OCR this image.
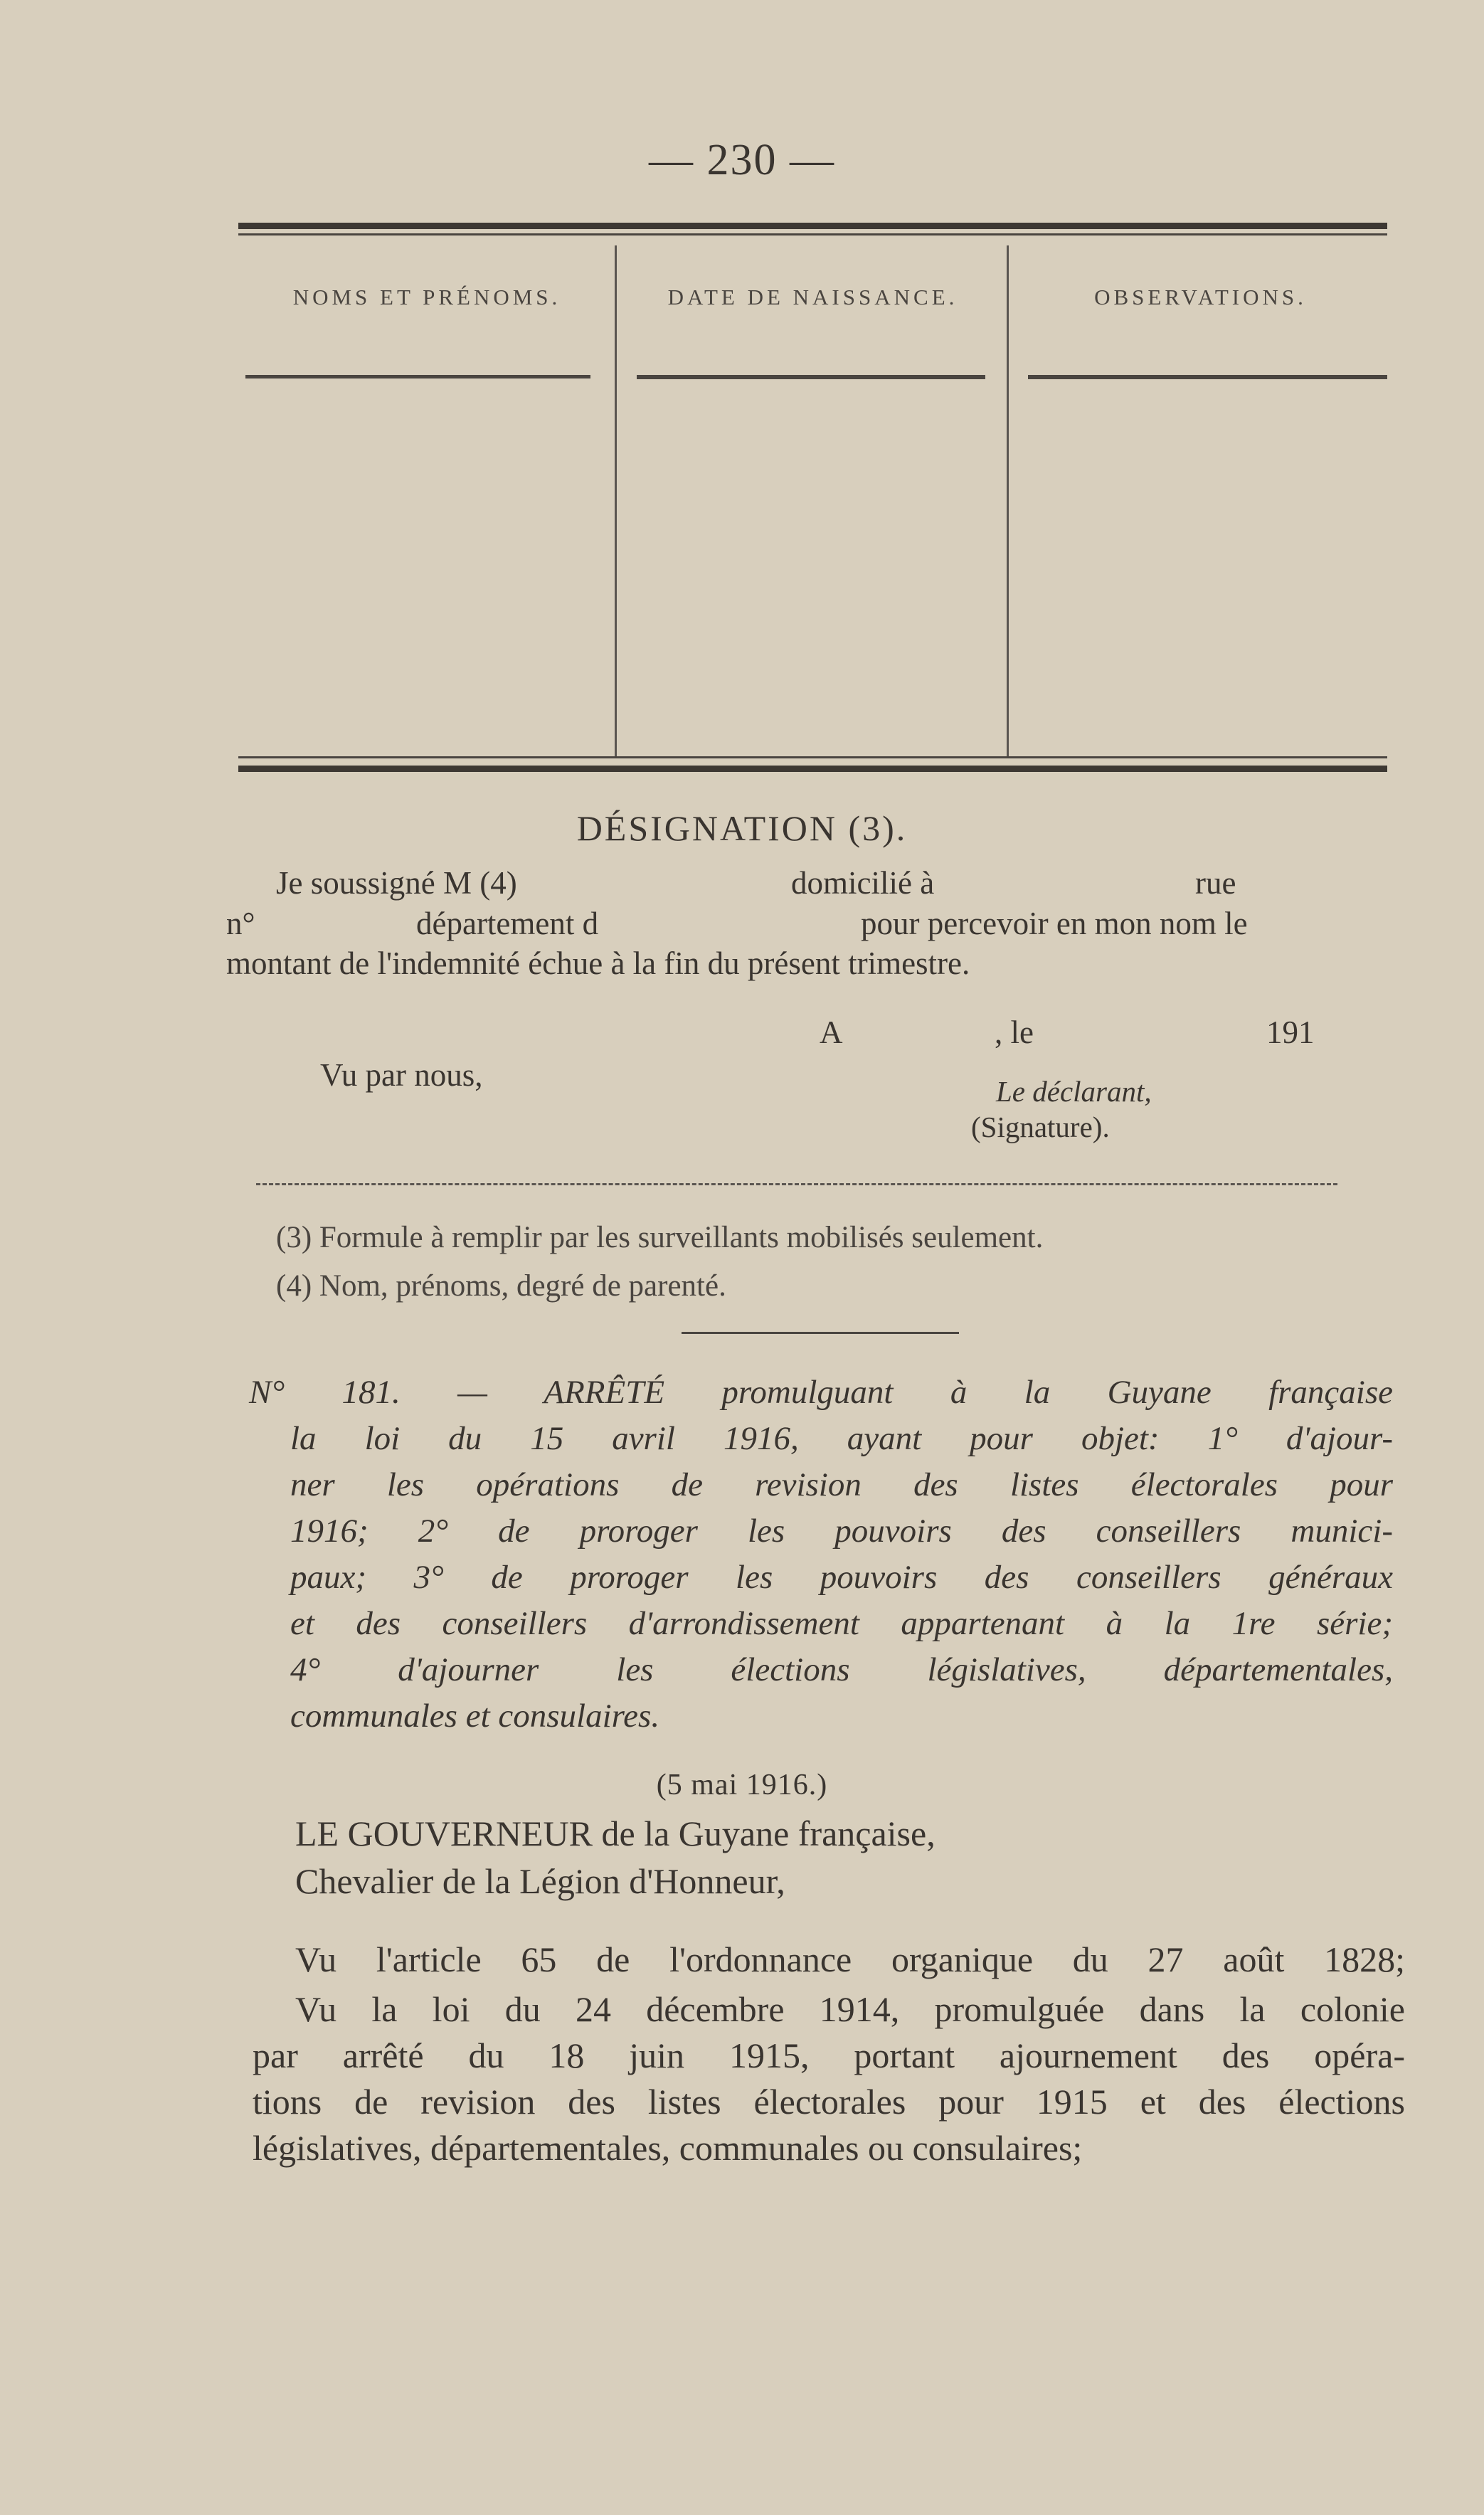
— 230 —
NOMS ET PRÉNOMS.	DATE DE NAISSANCE.	OBSERVATIONS.
DÉSIGNATION (3).
Je soussigné M (4)	domicilié à	rue
n°	département d	pour percevoir en mon nom le
montant de l'indemnité échue à la fin du présent trimestre.
A	, le	191
Vu par nous,	Le déclarant,
(Signature).
(3) Formule à remplir par les surveillants mobilisés seulement.
(4) Nom, prénoms, degré de parenté.
N° 181. — ARRÊTÉ promulguant à la Guyane française
la loi du 15 avril 1916, ayant pour objet: 1° d'ajour-
ner les opérations de revision des listes électorales pour
1916; 2° de proroger les pouvoirs des conseillers munici-
paux; 3° de proroger les pouvoirs des conseillers généraux
et des conseillers d'arrondissement appartenant à la 1re série;
4° d'ajourner les élections législatives, départementales,
communales et consulaires.
(5 mai 1916.)
LE GOUVERNEUR de la Guyane française,
Chevalier de la Légion d'Honneur,
Vu l'article 65 de l'ordonnance organique du 27 août 1828;
Vu la loi du 24 décembre 1914, promulguée dans la colonie
par arrêté du 18 juin 1915, portant ajournement des opéra-
tions de revision des listes électorales pour 1915 et des élections
législatives, départementales, communales ou consulaires;
